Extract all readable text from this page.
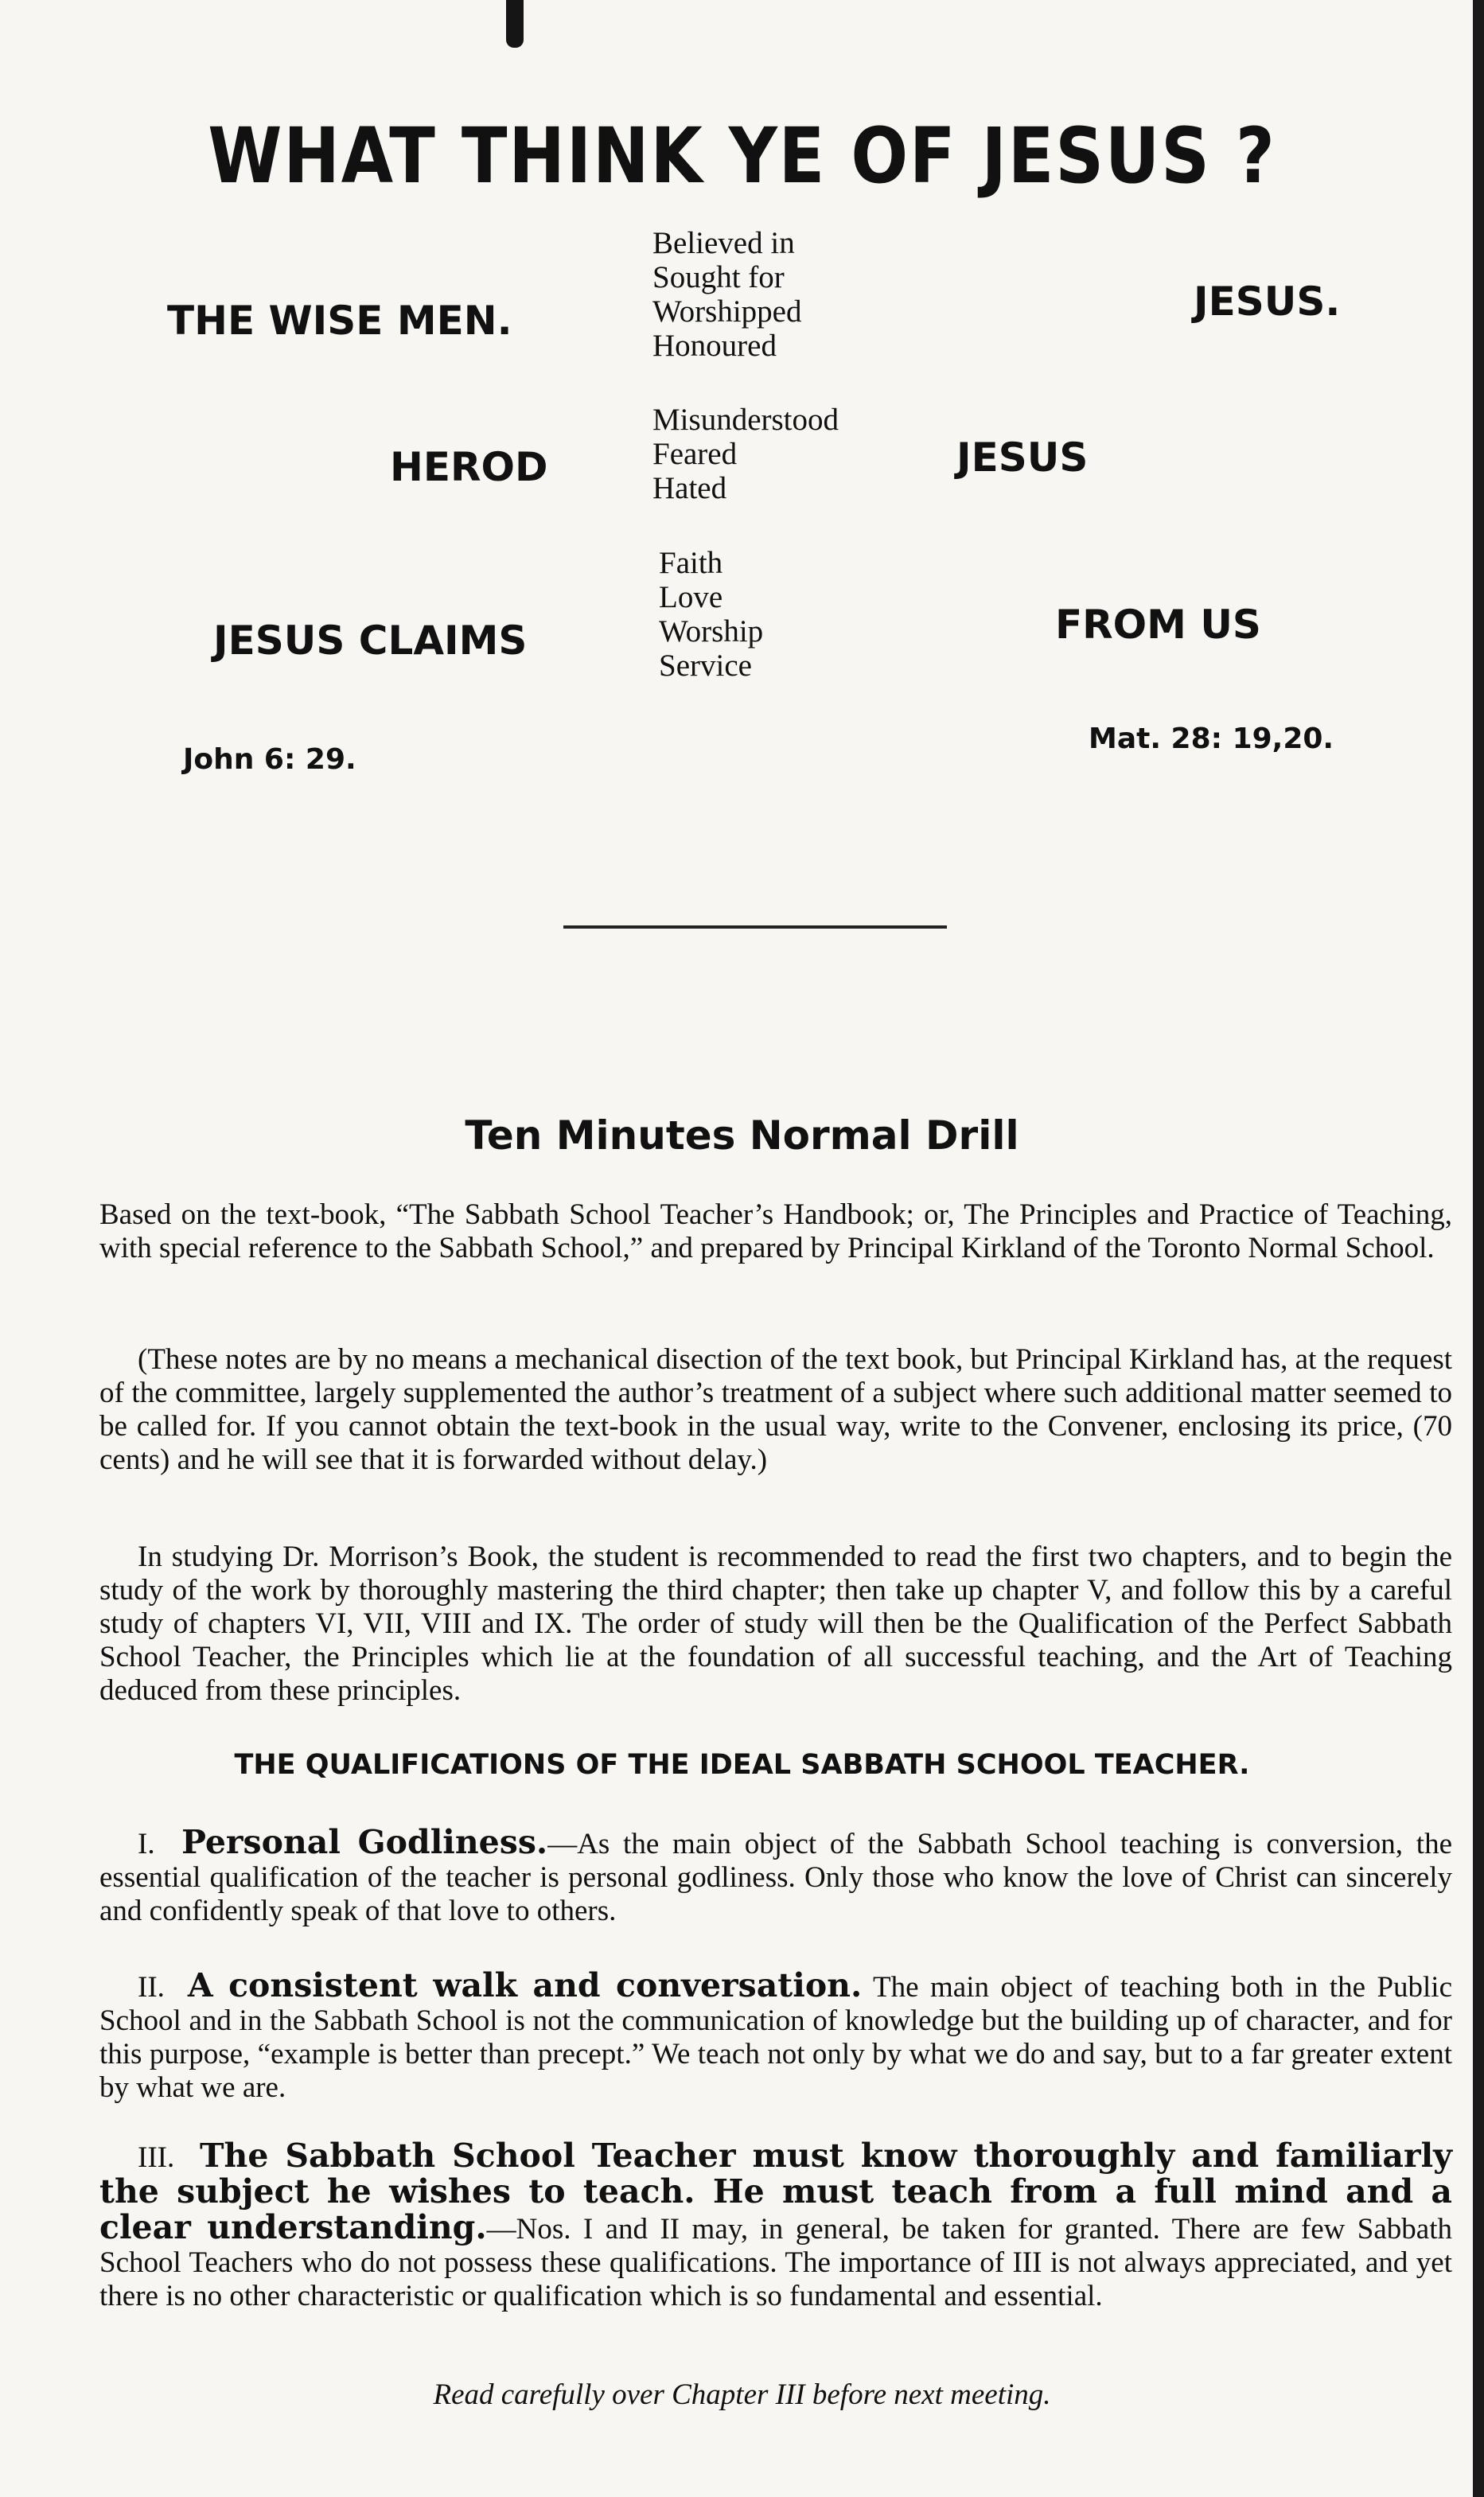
WHAT THINK YE OF JESUS ?
THE WISE MEN.
Believed in
Sought for
Worshipped
Honoured
JESUS.
HEROD
Misunderstood
Feared
Hated
JESUS
JESUS CLAIMS
Faith
Love
Worship
Service
FROM US
John 6: 29.
Mat. 28: 19,20.
Ten Minutes Normal Drill

Based on the text-book, “The Sabbath School Teacher’s Handbook; or, The Principles and Practice of Teaching, with special reference to the Sabbath School,” and prepared by Principal Kirkland of the Toronto Normal School.

(These notes are by no means a mechanical disection of the text book, but Principal Kirkland has, at the request of the committee, largely supplemented the author’s treatment of a subject where such additional matter seemed to be called for. If you cannot obtain the text-book in the usual way, write to the Convener, enclosing its price, (70 cents) and he will see that it is forwarded without delay.)

In studying Dr. Morrison’s Book, the student is recommended to read the first two chapters, and to begin the study of the work by thoroughly mastering the third chapter; then take up chapter V, and follow this by a careful study of chapters VI, VII, VIII and IX. The order of study will then be the Qualification of the Perfect Sabbath School Teacher, the Principles which lie at the foundation of all successful teaching, and the Art of Teaching deduced from these principles.

THE QUALIFICATIONS OF THE IDEAL SABBATH SCHOOL TEACHER.

I. Personal Godliness.—As the main object of the Sabbath School teaching is conversion, the essential qualification of the teacher is personal godliness. Only those who know the love of Christ can sincerely and confidently speak of that love to others.

II. A consistent walk and conversation. The main object of teaching both in the Public School and in the Sabbath School is not the communication of knowledge but the building up of character, and for this purpose, “example is better than precept.” We teach not only by what we do and say, but to a far greater extent by what we are.

III. The Sabbath School Teacher must know thoroughly and familiarly the subject he wishes to teach. He must teach from a full mind and a clear understanding.—Nos. I and II may, in general, be taken for granted. There are few Sabbath School Teachers who do not possess these qualifications. The importance of III is not always appreciated, and yet there is no other characteristic or qualification which is so fundamental and essential.

Read carefully over Chapter III before next meeting.
